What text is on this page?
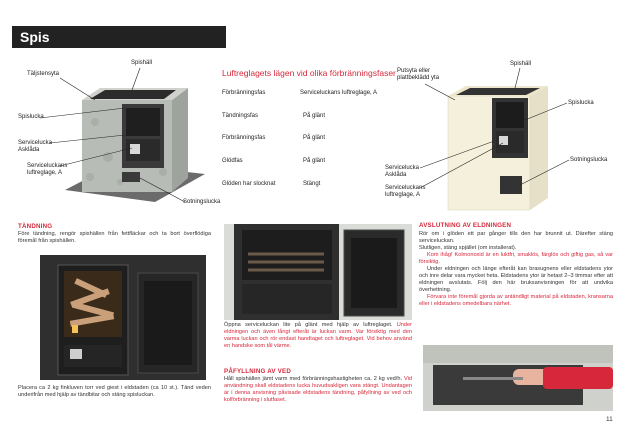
Spis
Spishäll
Täljstensyta
Spislucka
Servicelucka
Asklåda
Serviceluckans
luftreglage, A
Sotningslucka
Luftreglagets lägen vid olika förbränningsfaser
Förbränningsfas	Serviceluckans luftreglage, A
Tändningsfas	På glänt
Förbränningsfas	På glänt
Glödfas	På glänt
Glöden har slocknat	Stängt
Spishäll
Putsyta eller
plattbeklädd yta
Spislucka
Sotningslucka
Servicelucka
Asklåda
Serviceluckans
luftreglage, A
TÄNDNING
Före tändning, rengör spishällen från fettfläckar och ta bort överflödiga föremål från spishällen.
Placera ca 2 kg finkluven torr ved giest i eldstaden (ca 10 st.). Tänd veden underifrån med hjälp av tändbitar och stäng spisluckan.
Öppna serviceluckan lite på glänt med hjälp av luftreglaget. Under eldningen och även långt efteråt är luckan varm. Var försiktig med den varma luckan och rör endast handtaget och luftreglaget. Vid behov använd en handske som tål värme.
PÅFYLLNING AV VED
Håll spishällen jämt varm med förbränningshastigheten ca. 2 kg ved/h. Vid användning skall eldstadens lucka huvudsakligen vara stängt. Undantagen är i denna anvisning påvisade eldstadens tändning, påfyllning av ved och kolförbränning i slutfaset.
AVSLUTNING AV ELDNINGEN
Rör om i glöden ett par gånger tills den har brunnit ut. Därefter stäng serviceluckan.
Slutligen, stäng spjället (om installerat).
Kom ihåg! Kolmonoxid är en luktfri, smaklös, färglös och giftig gas, så var försiktig.
Under eldningen och länge efteråt kan brasugnens eller eldstadens ytor och inre delar vara mycket heta. Eldstadens ytor är hetast 2–3 timmar efter att eldningen avslutats. Följ den här bruksanvisningen för att undvika överhettning.
Förvara inte föremål gjorda av antändligt material på eldstaden, kransarna eller i eldstadens omedelbara närhet.
11
